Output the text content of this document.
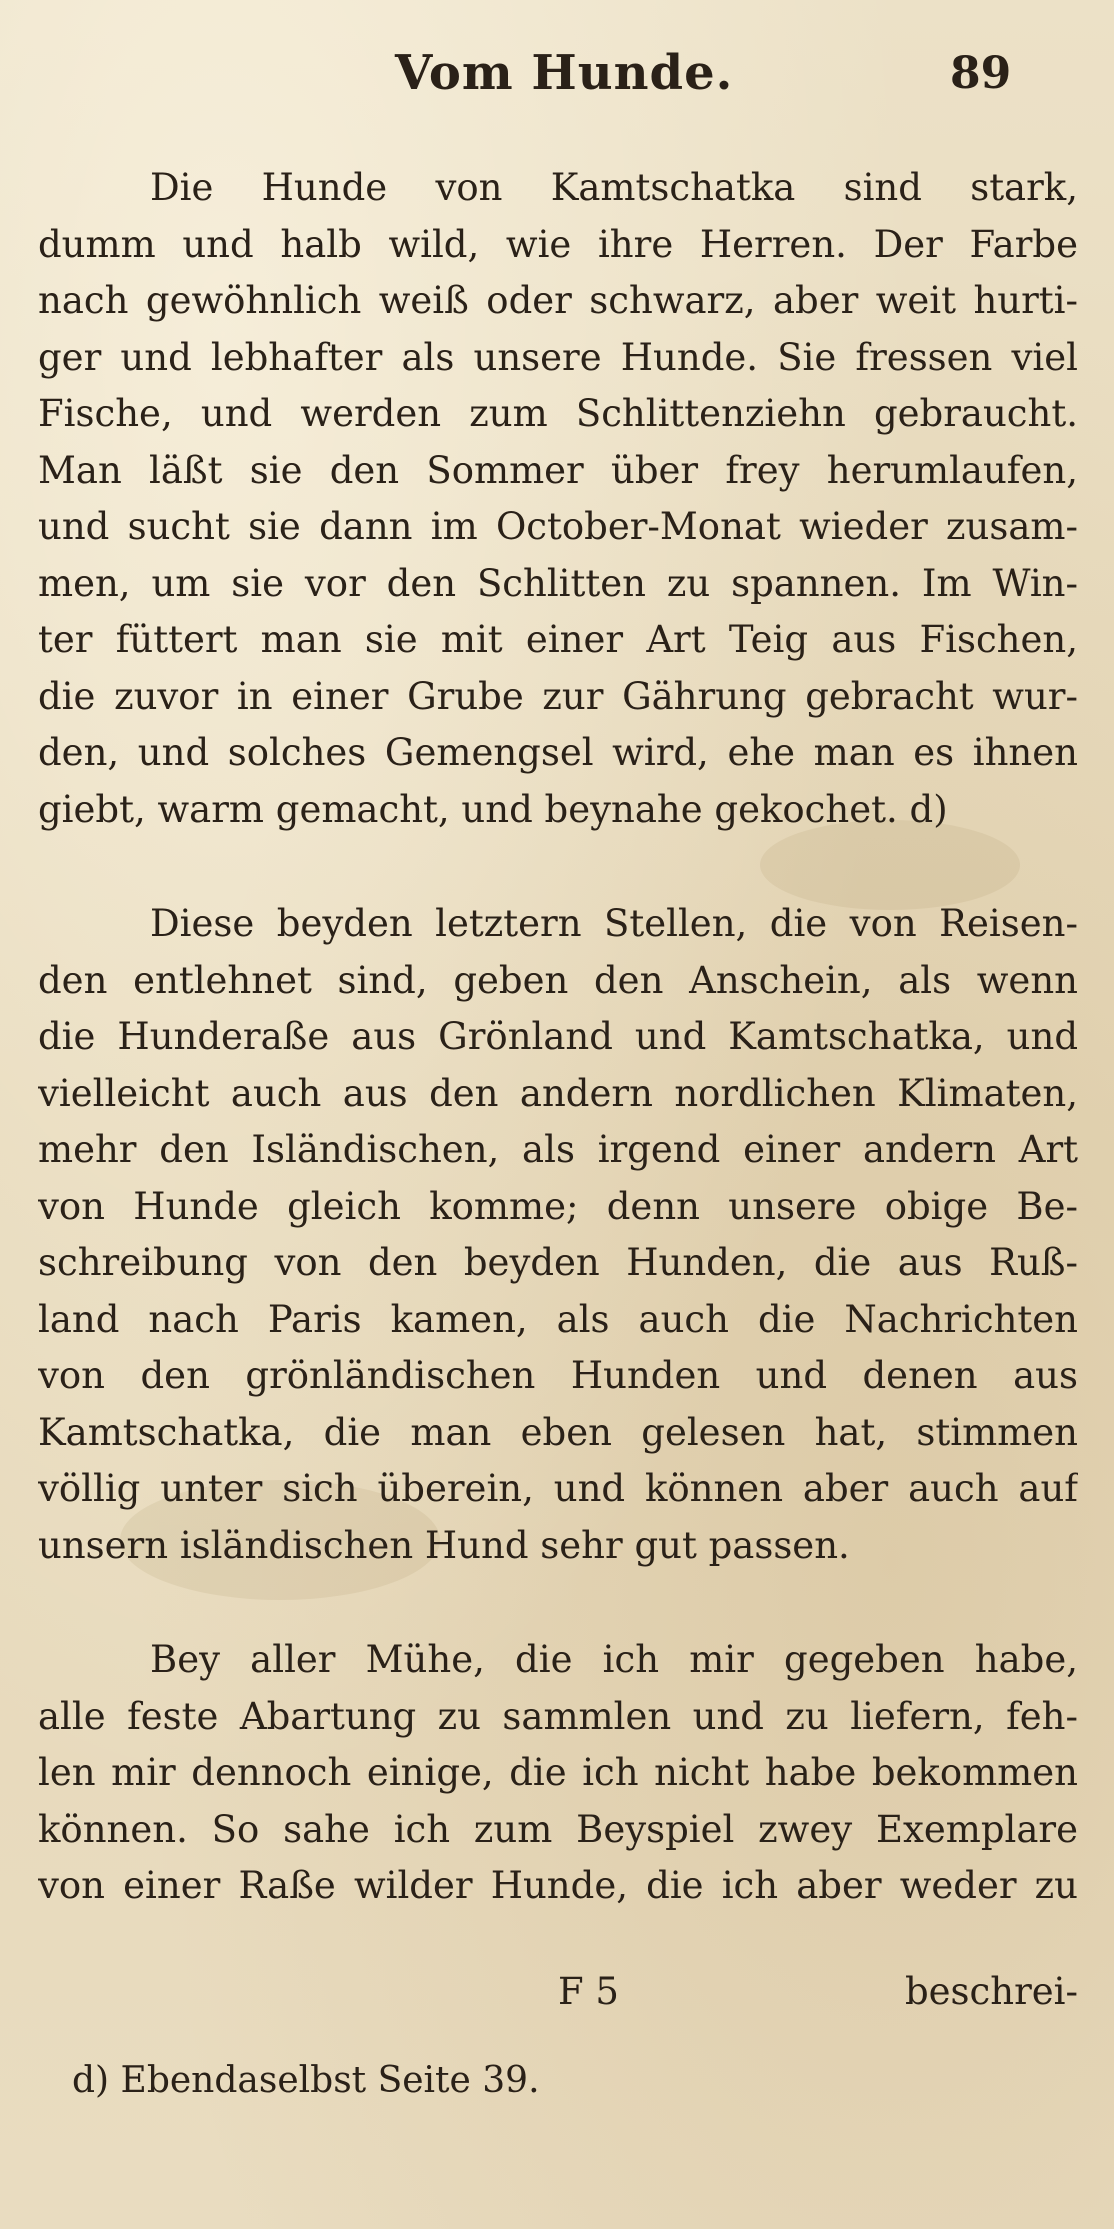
Vom Hunde.	89
Die Hunde von Kamtschatka sind stark,
dumm und halb wild, wie ihre Herren. Der Farbe
nach gewöhnlich weiß oder schwarz, aber weit hurti-
ger und lebhafter als unsere Hunde. Sie fressen viel
Fische, und werden zum Schlittenziehn gebraucht.
Man läßt sie den Sommer über frey herumlaufen,
und sucht sie dann im October-Monat wieder zusam-
men, um sie vor den Schlitten zu spannen. Im Win-
ter füttert man sie mit einer Art Teig aus Fischen,
die zuvor in einer Grube zur Gährung gebracht wur-
den, und solches Gemengsel wird, ehe man es ihnen
giebt, warm gemacht, und beynahe gekochet. d)
Diese beyden letztern Stellen, die von Reisen-
den entlehnet sind, geben den Anschein, als wenn
die Hunderaße aus Grönland und Kamtschatka, und
vielleicht auch aus den andern nordlichen Klimaten,
mehr den Isländischen, als irgend einer andern Art
von Hunde gleich komme; denn unsere obige Be-
schreibung von den beyden Hunden, die aus Ruß-
land nach Paris kamen, als auch die Nachrichten
von den grönländischen Hunden und denen aus
Kamtschatka, die man eben gelesen hat, stimmen
völlig unter sich überein, und können aber auch auf
unsern isländischen Hund sehr gut passen.
Bey aller Mühe, die ich mir gegeben habe,
alle feste Abartung zu sammlen und zu liefern, feh-
len mir dennoch einige, die ich nicht habe bekommen
können. So sahe ich zum Beyspiel zwey Exemplare
von einer Raße wilder Hunde, die ich aber weder zu
F 5	beschrei-
d) Ebendaselbst Seite 39.
